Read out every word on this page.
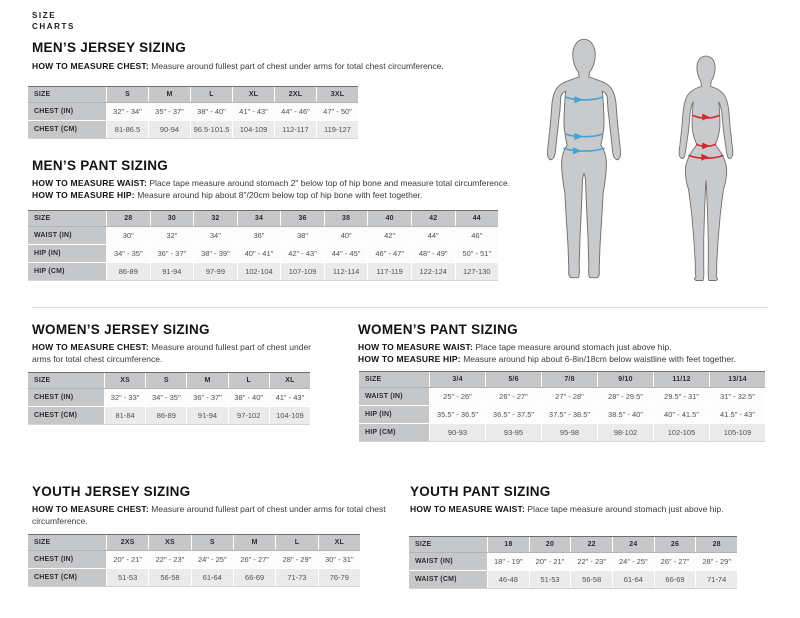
SIZE
CHARTS
MEN’S JERSEY SIZING

HOW TO MEASURE CHEST: Measure around fullest part of chest under arms for total chest circumference.

SIZE	S	M	L	XL	2XL	3XL
CHEST (IN)	32" - 34"	35" - 37"	38" - 40"	41" - 43"	44" - 46"	47" - 50"
CHEST (CM)	81-86.5	90-94	96.5-101.5	104-109	112-117	119-127
MEN’S PANT SIZING

HOW TO MEASURE WAIST: Place tape measure around stomach 2" below top of hip bone and measure total circumference.

HOW TO MEASURE HIP: Measure around hip about 8"/20cm below top of hip bone with feet together.

SIZE	28	30	32	34	36	38	40	42	44
WAIST (IN)	30"	32"	34"	36"	38"	40"	42"	44"	46"
HIP (IN)	34" - 35"	36" - 37"	38" - 39"	40" - 41"	42" - 43"	44" - 45"	46" - 47"	48" - 49"	50" - 51"
HIP (CM)	86-89	91-94	97-99	102-104	107-109	112-114	117-119	122-124	127-130
WOMEN’S JERSEY SIZING

HOW TO MEASURE CHEST: Measure around fullest part of chest under arms for total chest circumference.

SIZE	XS	S	M	L	XL
CHEST (IN)	32" - 33"	34" - 35"	36" - 37"	38" - 40"	41" - 43"
CHEST (CM)	81-84	86-89	91-94	97-102	104-109
WOMEN’S PANT SIZING

HOW TO MEASURE WAIST: Place tape measure around stomach just above hip.

HOW TO MEASURE HIP: Measure around hip about 6-8in/18cm below waistline with feet together.

SIZE	3/4	5/6	7/8	9/10	11/12	13/14
WAIST (IN)	25" - 26"	26" - 27"	27" - 28"	28" - 29.5"	29.5" - 31"	31" - 32.5"
HIP (IN)	35.5" - 36.5"	36.5" - 37.5"	37.5" - 38.5"	38.5" - 40"	40" - 41.5"	41.5" - 43"
HIP (CM)	90-93	93-95	95-98	98-102	102-105	105-109
YOUTH JERSEY SIZING

HOW TO MEASURE CHEST: Measure around fullest part of chest under arms for total chest circumference.

SIZE	2XS	XS	S	M	L	XL
CHEST (IN)	20" - 21"	22" - 23"	24" - 25"	26" - 27"	28" - 29"	30" - 31"
CHEST (CM)	51-53	56-58	61-64	66-69	71-73	76-79
YOUTH PANT SIZING

HOW TO MEASURE WAIST: Place tape measure around stomach just above hip.

SIZE	18	20	22	24	26	28
WAIST (IN)	18" - 19"	20" - 21"	22" - 23"	24" - 25"	26" - 27"	28" - 29"
WAIST (CM)	46-48	51-53	56-58	61-64	66-69	71-74
